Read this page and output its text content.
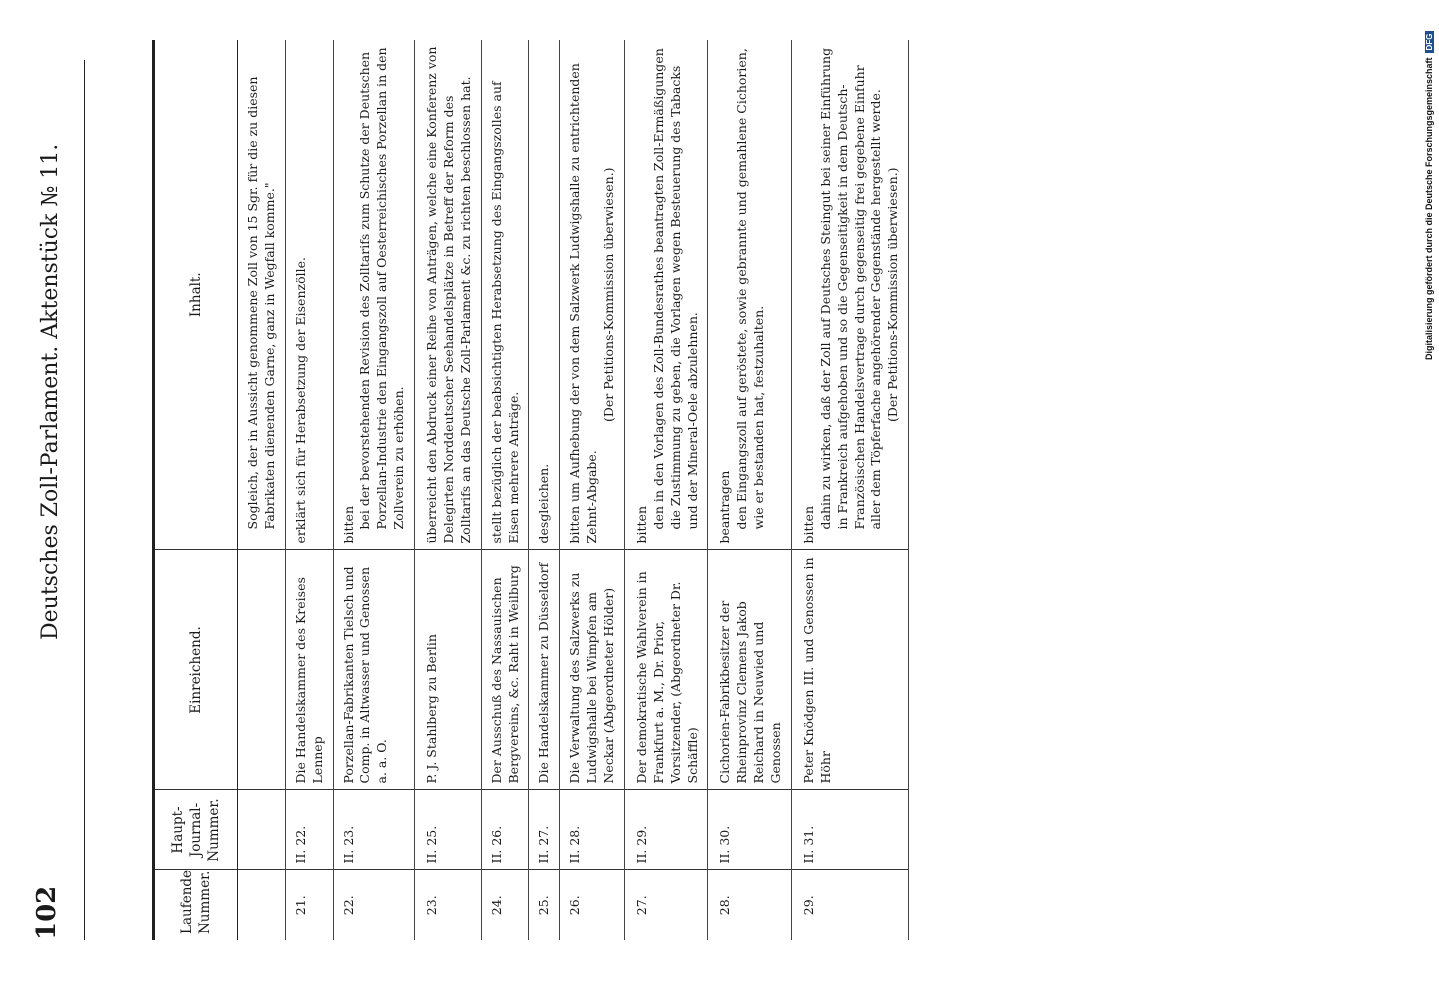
102
Deutsches Zoll-Parlament. Aktenstück № 11.
Laufende Nummer.	Haupt-Journal-Nummer.	Einreichend.	Inhalt.

			Sogleich, der in Aussicht genommene Zoll von 15 Sgr. für die zu diesen Fabrikaten dienenden Garne, ganz in Wegfall komme."

21.	II. 22.	Die Handelskammer des Kreises Lennep	erklärt sich für Herabsetzung der Eisenzölle.

22.	II. 23.	Porzellan-Fabrikanten Tielsch und Comp. in Altwasser und Genossen a. a. O.	bitten bei der bevorstehenden Revision des Zolltarifs zum Schutze der Deutschen Porzellan-Industrie den Eingangszoll auf Oesterreichisches Porzellan in den Zollverein zu erhöhen.

23.	II. 25.	P. J. Stahlberg zu Berlin	überreicht den Abdruck einer Reihe von Anträgen, welche eine Konferenz von Delegirten Norddeutscher Seehandelsplätze in Betreff der Reform des Zolltarifs an das Deutsche Zoll-Parlament &c. zu richten beschlossen hat.

24.	II. 26.	Der Ausschuß des Nassauischen Bergvereins, &c. Raht in Weilburg	stellt bezüglich der beabsichtigten Herabsetzung des Eingangszolles auf Eisen mehrere Anträge.

25.	II. 27.	Die Handelskammer zu Düsseldorf	desgleichen.

26.	II. 28.	Die Verwaltung des Salzwerks zu Ludwigshalle bei Wimpfen am Neckar (Abgeordneter Hölder)	bitten um Aufhebung der von dem Salzwerk Ludwigshalle zu entrichtenden Zehnt-Abgabe.
(Der Petitions-Kommission überwiesen.)

27.	II. 29.	Der demokratische Wahlverein in Frankfurt a. M., Dr. Prior, Vorsitzender, (Abgeordneter Dr. Schäffle)	bitten den in den Vorlagen des Zoll-Bundesrathes beantragten Zoll-Ermäßigungen die Zustimmung zu geben, die Vorlagen wegen Besteuerung des Tabacks und der Mineral-Oele abzulehnen.

28.	II. 30.	Cichorien-Fabrikbesitzer der Rheinprovinz Clemens Jakob Reichard in Neuwied und Genossen	beantragen den Eingangszoll auf geröstete, sowie gebrannte und gemahlene Cichorien, wie er bestanden hat, festzuhalten.

29.	II. 31.	Peter Knödgen III. und Genossen in Höhr	bitten dahin zu wirken, daß der Zoll auf Deutsches Steingut bei seiner Einführung in Frankreich aufgehoben und so die Gegenseitigkeit in dem Deutsch-Französischen Handelsvertrage durch gegenseitig frei gegebene Einfuhr aller dem Töpferfache angehörender Gegenstände hergestellt werde. (Der Petitions-Kommission überwiesen.)	Digitalisierung gefördert durch die Deutsche ForschungsgemeinschaftDFG
